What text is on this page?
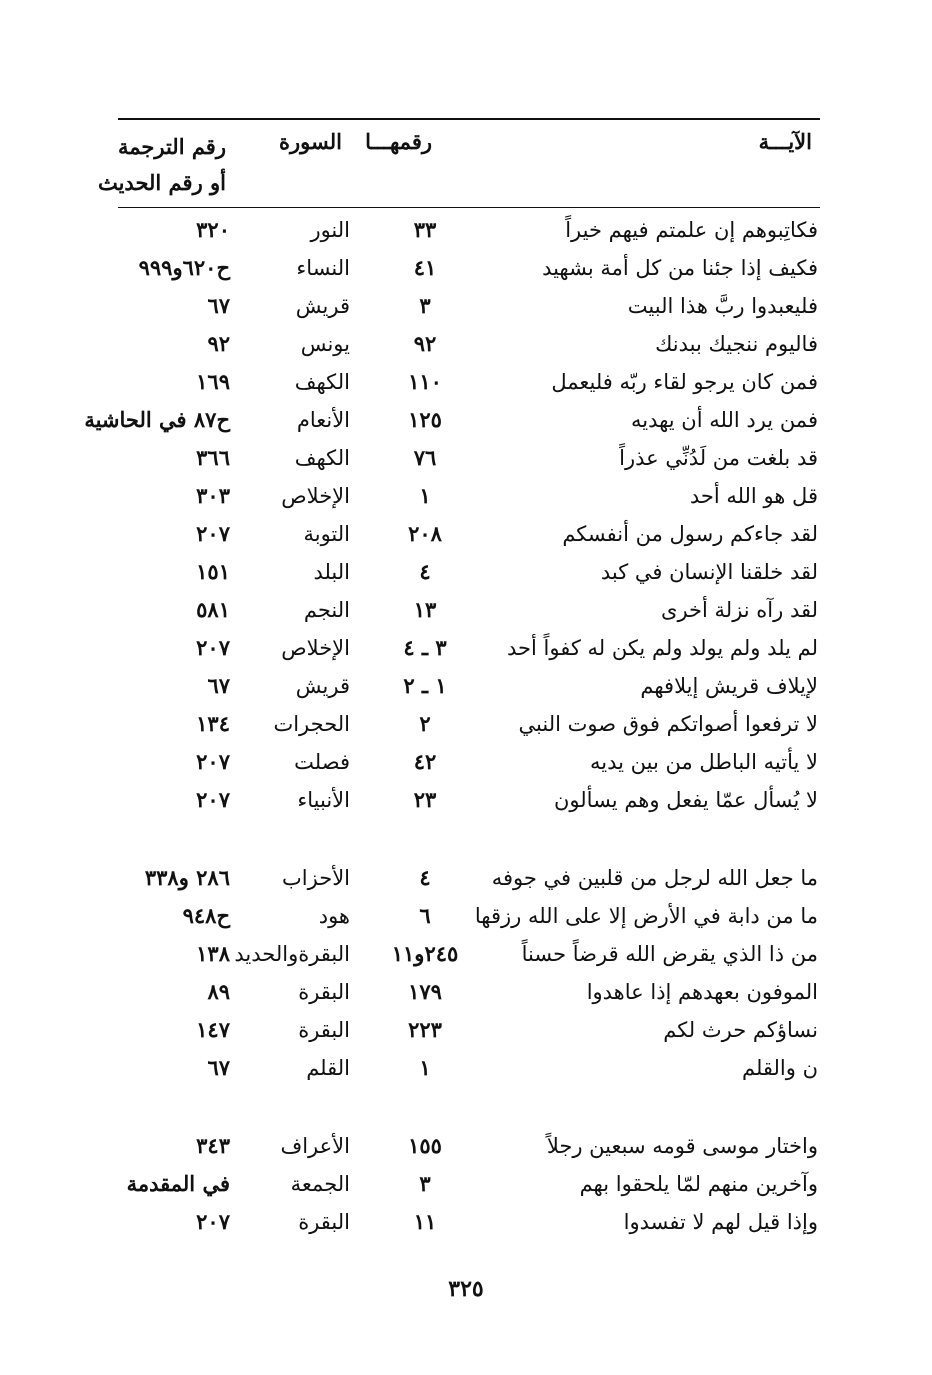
الآيـــة
رقمهـــا
السورة
رقم الترجمة
أو رقم الحديث
فكاتِبوهم إن علمتم فيهم خيراً
٣٣
النور
٣٢٠
فكيف إذا جئنا من كل أمة بشهيد
٤١
النساء
ح٦٢٠و٩٩٩
فليعبدوا ربَّ هذا البيت
٣
قريش
٦٧
فاليوم ننجيك ببدنك
٩٢
يونس
٩٢
فمن كان يرجو لقاء ربّه فليعمل
١١٠
الكهف
١٦٩
فمن يرد الله أن يهديه
١٢٥
الأنعام
ح٨٧ في الحاشية
قد بلغت من لَدُنِّي عذراً
٧٦
الكهف
٣٦٦
قل هو الله أحد
١
الإخلاص
٣٠٣
لقد جاءكم رسول من أنفسكم
٢٠٨
التوبة
٢٠٧
لقد خلقنا الإنسان في كبد
٤
البلد
١٥١
لقد رآه نزلة أخرى
١٣
النجم
٥٨١
لم يلد ولم يولد ولم يكن له كفواً أحد
٣ ـ ٤
الإخلاص
٢٠٧
لإيلاف قريش إيلافهم
١ ـ ٢
قريش
٦٧
لا ترفعوا أصواتكم فوق صوت النبي
٢
الحجرات
١٣٤
لا يأتيه الباطل من بين يديه
٤٢
فصلت
٢٠٧
لا يُسأل عمّا يفعل وهم يسألون
٢٣
الأنبياء
٢٠٧
ما جعل الله لرجل من قلبين في جوفه
٤
الأحزاب
٢٨٦ و٣٣٨
ما من دابة في الأرض إلا على الله رزقها
٦
هود
ح٩٤٨
من ذا الذي يقرض الله قرضاً حسناً
٢٤٥و١١
البقرةوالحديد
١٣٨
الموفون بعهدهم إذا عاهدوا
١٧٩
البقرة
٨٩
نساؤكم حرث لكم
٢٢٣
البقرة
١٤٧
ن والقلم
١
القلم
٦٧
واختار موسى قومه سبعين رجلاً
١٥٥
الأعراف
٣٤٣
وآخرين منهم لمّا يلحقوا بهم
٣
الجمعة
في المقدمة
وإذا قيل لهم لا تفسدوا
١١
البقرة
٢٠٧
٣٢٥
